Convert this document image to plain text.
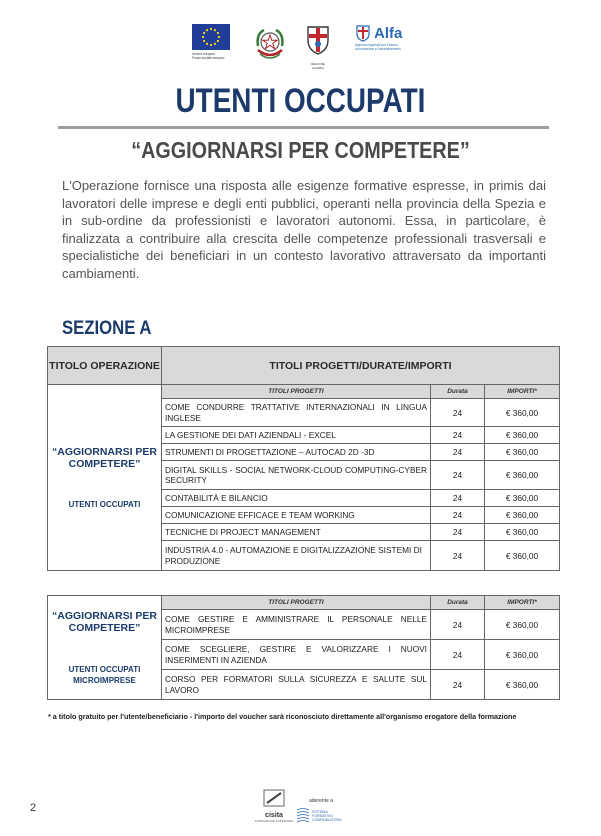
Unione europea
Fondo sociale europeo
REGIONE LIGURIA
Alfa
Agenzia regionale per il lavoro
la formazione e l'accreditamento
UTENTI OCCUPATI
“AGGIORNARSI PER COMPETERE”

L'Operazione fornisce una risposta alle esigenze formative espresse, in primis dai lavoratori delle imprese e degli enti pubblici, operanti nella provincia della Spezia e in sub-ordine da professionisti e lavoratori autonomi. Essa, in particolare, è finalizzata a contribuire alla crescita delle competenze professionali trasversali e specialistiche dei beneficiari in un contesto lavorativo attraversato da importanti cambiamenti.

SEZIONE A
TITOLO OPERAZIONE	TITOLI PROGETTI/DURATE/IMPORTI		

“AGGIORNARSI PER COMPETERE”
UTENTI OCCUPATI	TITOLI PROGETTI	Durata	IMPORTI*
	COME CONDURRE TRATTATIVE INTERNAZIONALI IN LINGUA INGLESE	24	€ 360,00
	LA GESTIONE DEI DATI AZIENDALI - EXCEL	24	€ 360,00
	STRUMENTI DI PROGETTAZIONE – AUTOCAD 2D -3D	24	€ 360,00
	DIGITAL SKILLS - SOCIAL NETWORK-CLOUD COMPUTING-CYBER SECURITY	24	€ 360,00
	CONTABILITÀ E BILANCIO	24	€ 360,00
	COMUNICAZIONE EFFICACE E TEAM WORKING	24	€ 360,00
	TECNICHE DI PROJECT MANAGEMENT	24	€ 360,00
	INDUSTRIA 4.0 - AUTOMAZIONE E DIGITALIZZAZIONE SISTEMI DI PRODUZIONE	24	€ 360,00
“AGGIORNARSI PER COMPETERE”
UTENTI OCCUPATI MICROIMPRESE	TITOLI PROGETTI	Durata	IMPORTI*
	COME GESTIRE E AMMINISTRARE IL PERSONALE NELLE MICROIMPRESE	24	€ 360,00
	COME SCEGLIERE, GESTIRE E VALORIZZARE I NUOVI INSERIMENTI IN AZIENDA	24	€ 360,00
	CORSO PER FORMATORI SULLA SICUREZZA E SALUTE SUL LAVORO	24	€ 360,00
* a titolo gratuito per l'utente/beneficiario - l'importo del voucher sarà riconosciuto direttamente all'organismo erogatore della formazione
2
cisita
FORMAZIONE SUPERIORE
aderente a
SISTEMA
FORMATIVO
CONFINDUSTRIA
